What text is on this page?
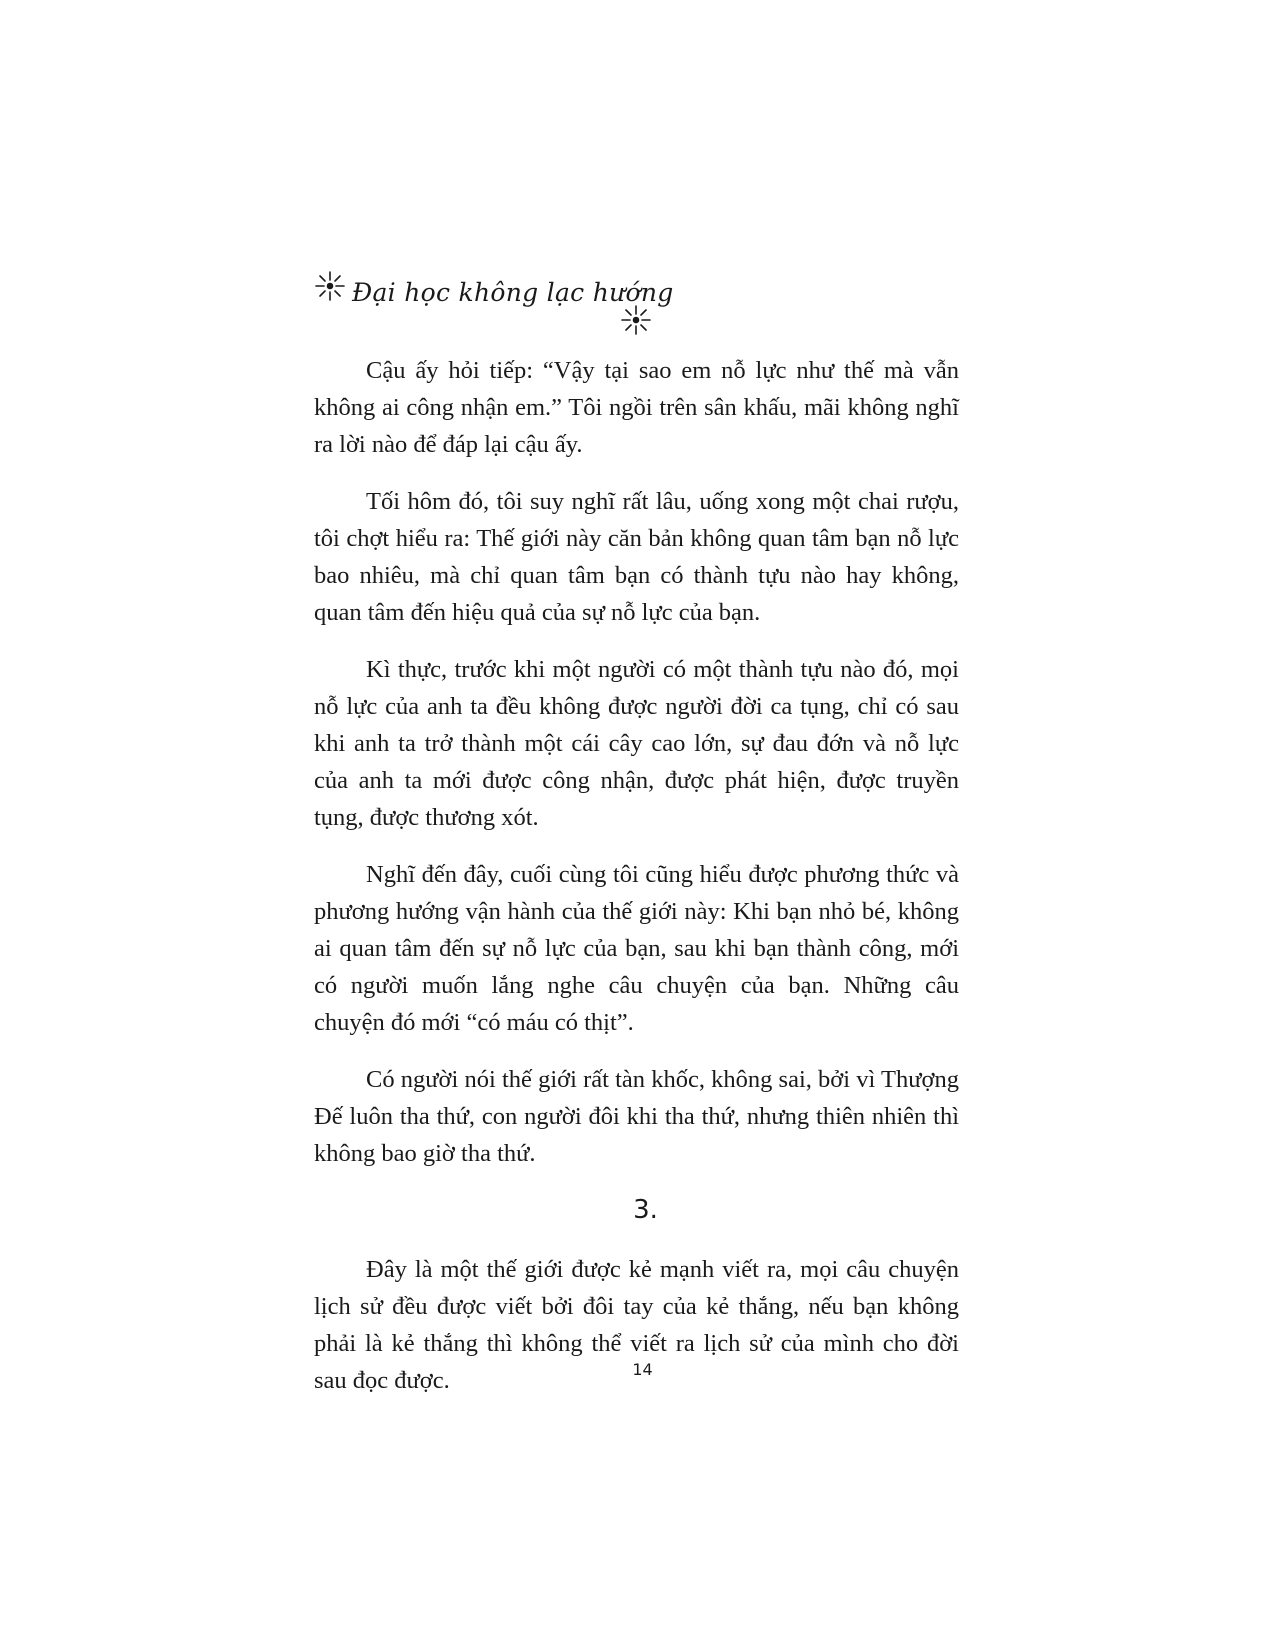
Đại học không lạc hướng

Cậu ấy hỏi tiếp: “Vậy tại sao em nỗ lực như thế mà vẫn không ai công nhận em.” Tôi ngồi trên sân khấu, mãi không nghĩ ra lời nào để đáp lại cậu ấy.

Tối hôm đó, tôi suy nghĩ rất lâu, uống xong một chai rượu, tôi chợt hiểu ra: Thế giới này căn bản không quan tâm bạn nỗ lực bao nhiêu, mà chỉ quan tâm bạn có thành tựu nào hay không, quan tâm đến hiệu quả của sự nỗ lực của bạn.

Kì thực, trước khi một người có một thành tựu nào đó, mọi nỗ lực của anh ta đều không được người đời ca tụng, chỉ có sau khi anh ta trở thành một cái cây cao lớn, sự đau đớn và nỗ lực của anh ta mới được công nhận, được phát hiện, được truyền tụng, được thương xót.

Nghĩ đến đây, cuối cùng tôi cũng hiểu được phương thức và phương hướng vận hành của thế giới này: Khi bạn nhỏ bé, không ai quan tâm đến sự nỗ lực của bạn, sau khi bạn thành công, mới có người muốn lắng nghe câu chuyện của bạn. Những câu chuyện đó mới “có máu có thịt”.

Có người nói thế giới rất tàn khốc, không sai, bởi vì Thượng Đế luôn tha thứ, con người đôi khi tha thứ, nhưng thiên nhiên thì không bao giờ tha thứ.

3.

Đây là một thế giới được kẻ mạnh viết ra, mọi câu chuyện lịch sử đều được viết bởi đôi tay của kẻ thắng, nếu bạn không phải là kẻ thắng thì không thể viết ra lịch sử của mình cho đời sau đọc được.	14
